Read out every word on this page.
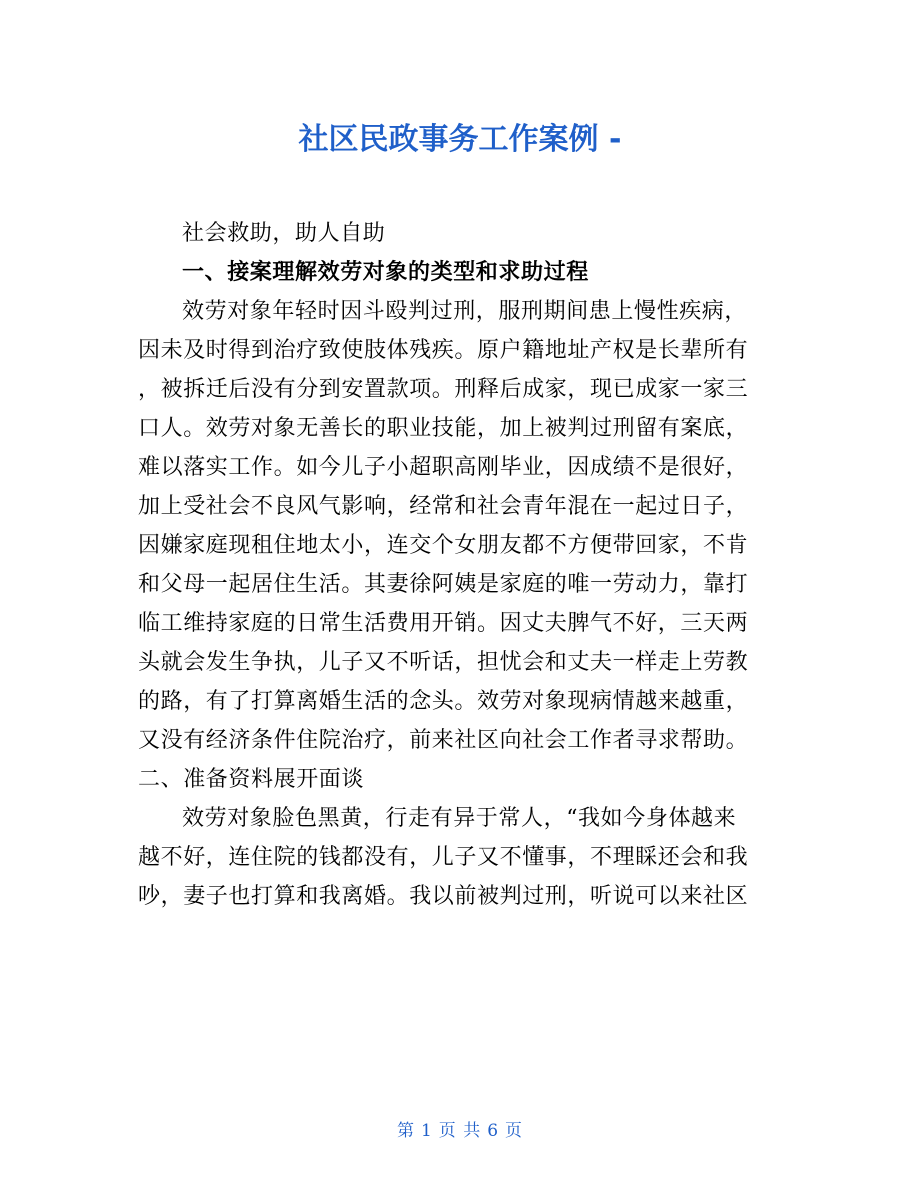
社区民政事务工作案例 -
社会救助，助人自助
一、接案理解效劳对象的类型和求助过程
效劳对象年轻时因斗殴判过刑，服刑期间患上慢性疾病，
因未及时得到治疗致使肢体残疾。原户籍地址产权是长辈所有
，被拆迁后没有分到安置款项。刑释后成家，现已成家一家三
口人。效劳对象无善长的职业技能，加上被判过刑留有案底，
难以落实工作。如今儿子小超职高刚毕业，因成绩不是很好，
加上受社会不良风气影响，经常和社会青年混在一起过日子，
因嫌家庭现租住地太小，连交个女朋友都不方便带回家，不肯
和父母一起居住生活。其妻徐阿姨是家庭的唯一劳动力，靠打
临工维持家庭的日常生活费用开销。因丈夫脾气不好，三天两
头就会发生争执，儿子又不听话，担忧会和丈夫一样走上劳教
的路，有了打算离婚生活的念头。效劳对象现病情越来越重，
又没有经济条件住院治疗，前来社区向社会工作者寻求帮助。
二、准备资料展开面谈
效劳对象脸色黑黄，行走有异于常人，“我如今身体越来
越不好，连住院的钱都没有，儿子又不懂事，不理睬还会和我
吵，妻子也打算和我离婚。我以前被判过刑，听说可以来社区
第 1 页 共 6 页
